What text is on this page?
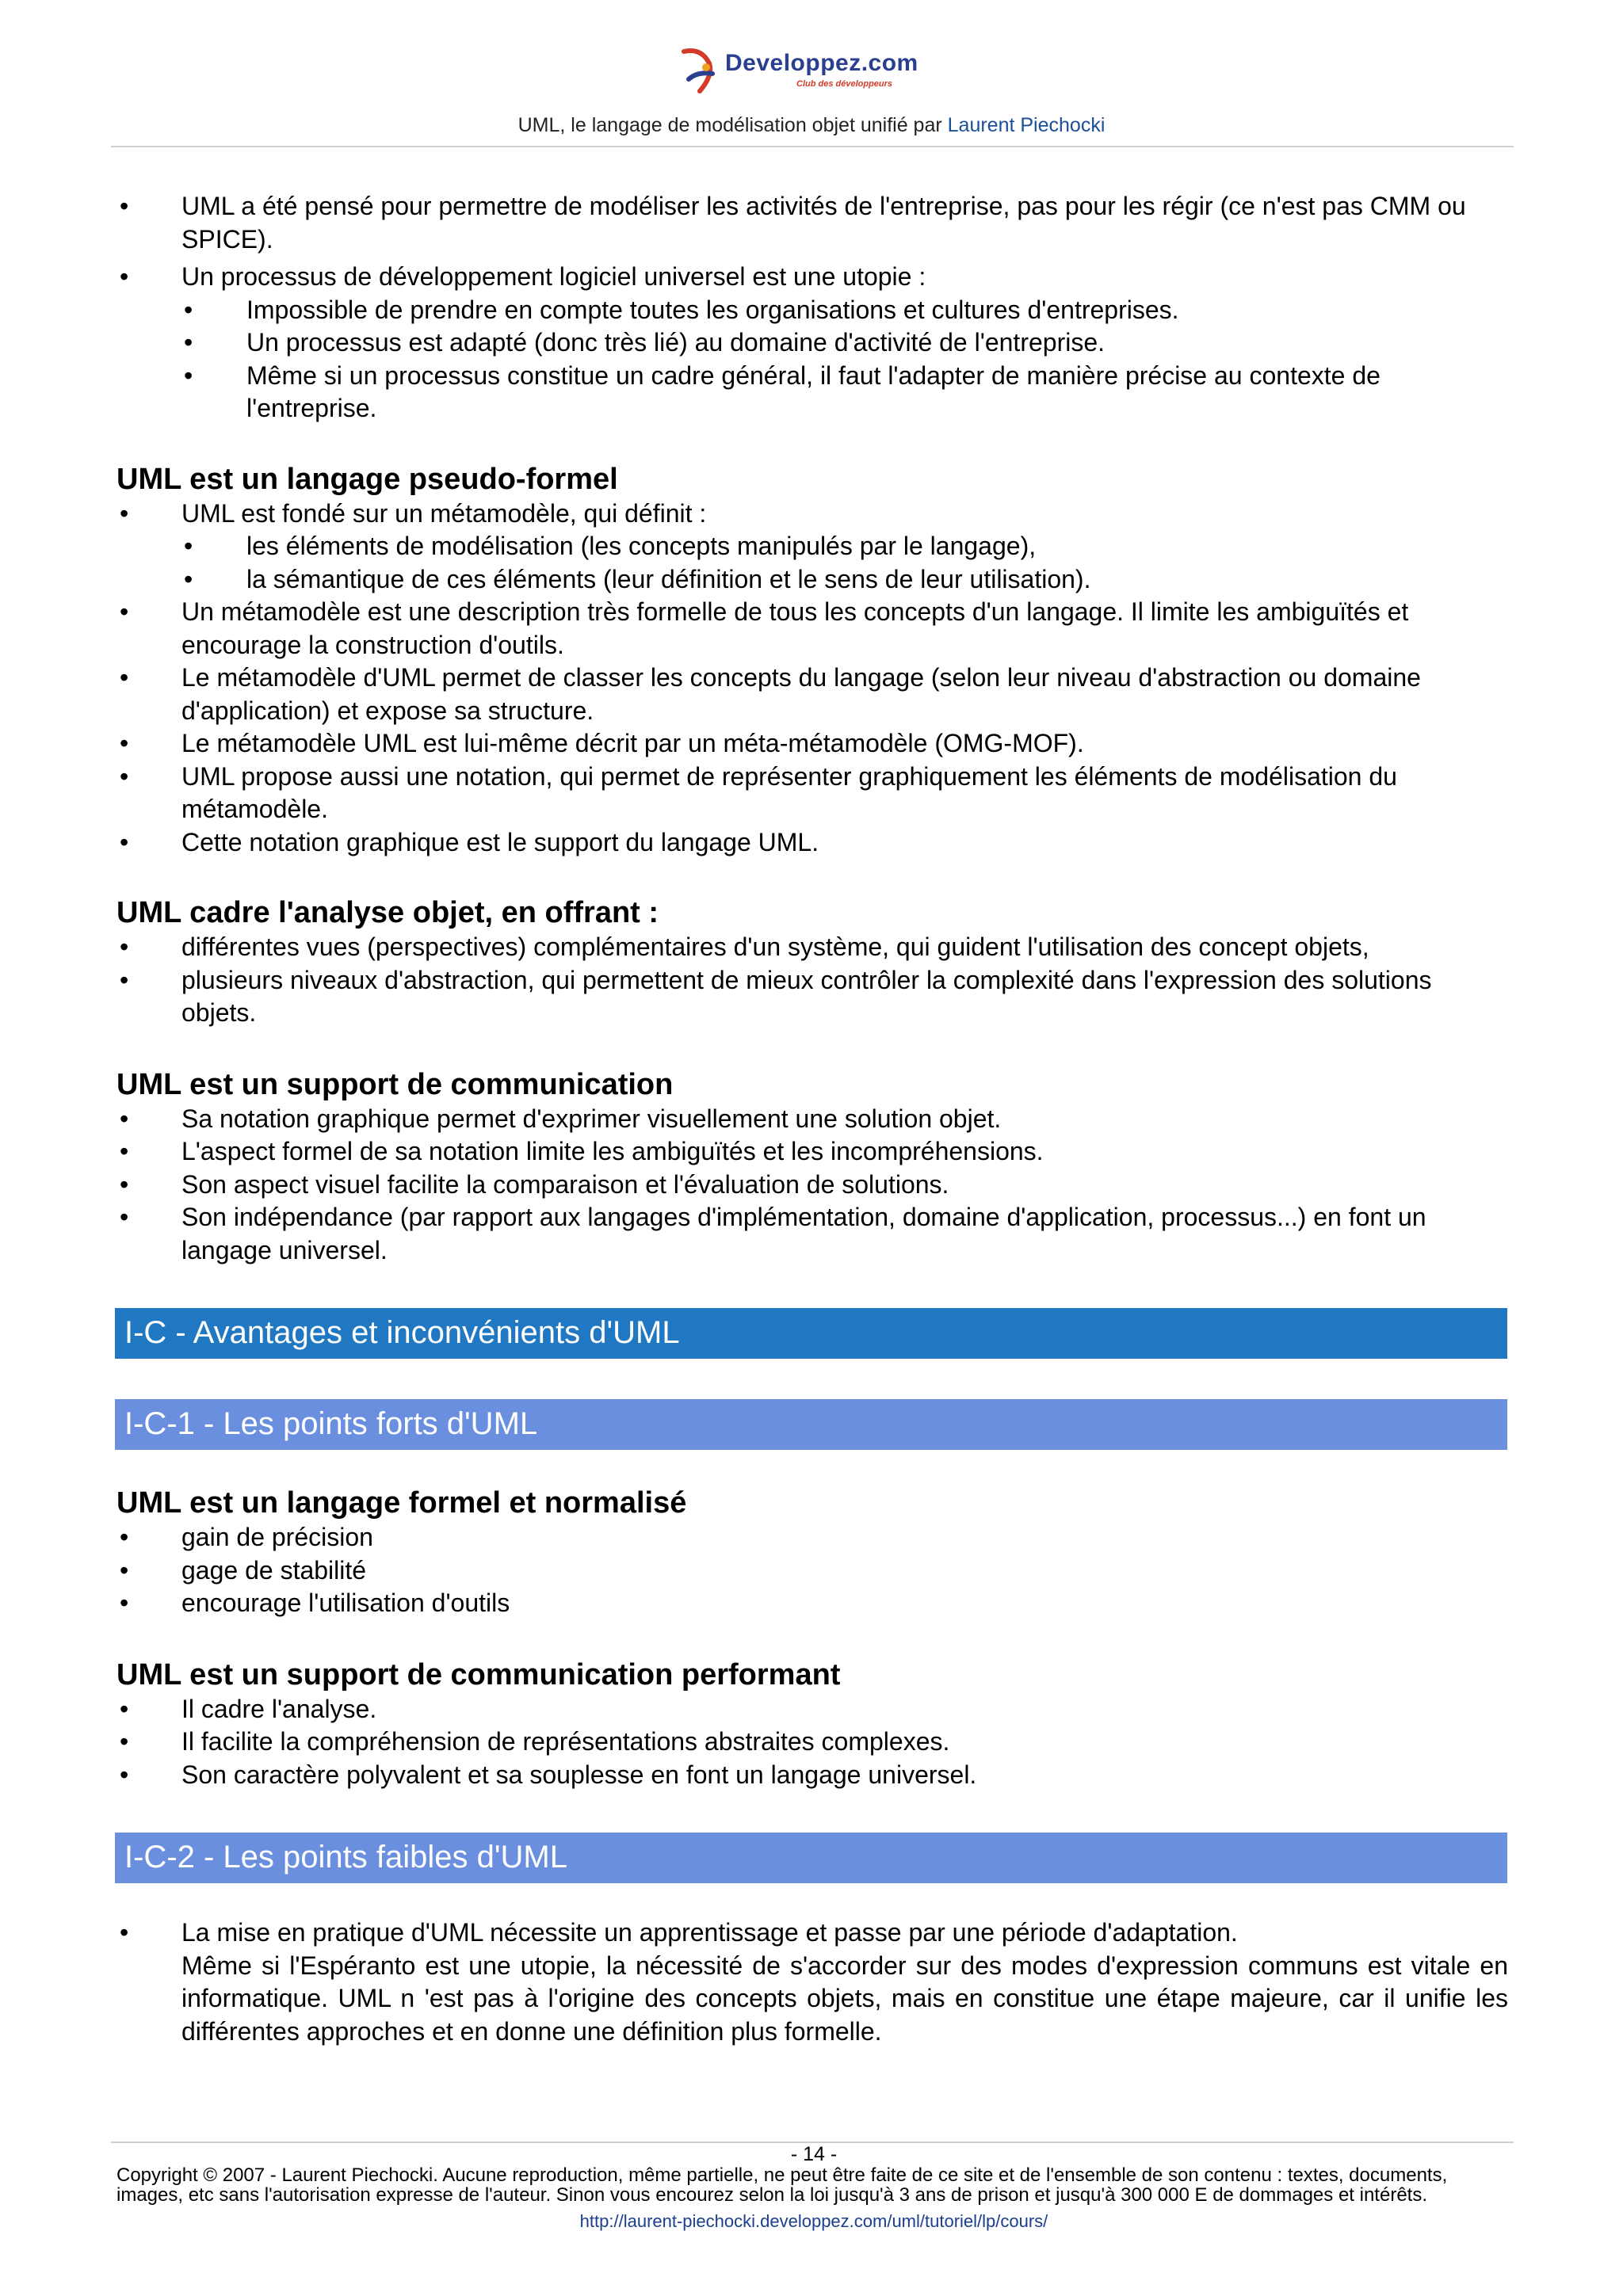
Developpez.com
Club des développeurs
UML, le langage de modélisation objet unifié par Laurent Piechocki
• UML a été pensé pour permettre de modéliser les activités de l'entreprise, pas pour les régir (ce n'est pas CMM ou SPICE).
• Un processus de développement logiciel universel est une utopie :
• Impossible de prendre en compte toutes les organisations et cultures d'entreprises.
• Un processus est adapté (donc très lié) au domaine d'activité de l'entreprise.
• Même si un processus constitue un cadre général, il faut l'adapter de manière précise au contexte de l'entreprise.
UML est un langage pseudo-formel
• UML est fondé sur un métamodèle, qui définit :
• les éléments de modélisation (les concepts manipulés par le langage),
• la sémantique de ces éléments (leur définition et le sens de leur utilisation).
• Un métamodèle est une description très formelle de tous les concepts d'un langage. Il limite les ambiguïtés et encourage la construction d'outils.
• Le métamodèle d'UML permet de classer les concepts du langage (selon leur niveau d'abstraction ou domaine d'application) et expose sa structure.
• Le métamodèle UML est lui-même décrit par un méta-métamodèle (OMG-MOF).
• UML propose aussi une notation, qui permet de représenter graphiquement les éléments de modélisation du métamodèle.
• Cette notation graphique est le support du langage UML.
UML cadre l'analyse objet, en offrant :
• différentes vues (perspectives) complémentaires d'un système, qui guident l'utilisation des concept objets,
• plusieurs niveaux d'abstraction, qui permettent de mieux contrôler la complexité dans l'expression des solutions objets.
UML est un support de communication
• Sa notation graphique permet d'exprimer visuellement une solution objet.
• L'aspect formel de sa notation limite les ambiguïtés et les incompréhensions.
• Son aspect visuel facilite la comparaison et l'évaluation de solutions.
• Son indépendance (par rapport aux langages d'implémentation, domaine d'application, processus...) en font un langage universel.
I-C - Avantages et inconvénients d'UML
I-C-1 - Les points forts d'UML
UML est un langage formel et normalisé
• gain de précision
• gage de stabilité
• encourage l'utilisation d'outils
UML est un support de communication performant
• Il cadre l'analyse.
• Il facilite la compréhension de représentations abstraites complexes.
• Son caractère polyvalent et sa souplesse en font un langage universel.
I-C-2 - Les points faibles d'UML
• La mise en pratique d'UML nécessite un apprentissage et passe par une période d'adaptation.
Même si l'Espéranto est une utopie, la nécessité de s'accorder sur des modes d'expression communs est vitale en informatique. UML n 'est pas à l'origine des concepts objets, mais en constitue une étape majeure, car il unifie les différentes approches et en donne une définition plus formelle.
- 14 -
Copyright © 2007 - Laurent Piechocki. Aucune reproduction, même partielle, ne peut être faite de ce site et de l'ensemble de son contenu : textes, documents, images, etc sans l'autorisation expresse de l'auteur. Sinon vous encourez selon la loi jusqu'à 3 ans de prison et jusqu'à 300 000 E de dommages et intérêts.
http://laurent-piechocki.developpez.com/uml/tutoriel/lp/cours/
